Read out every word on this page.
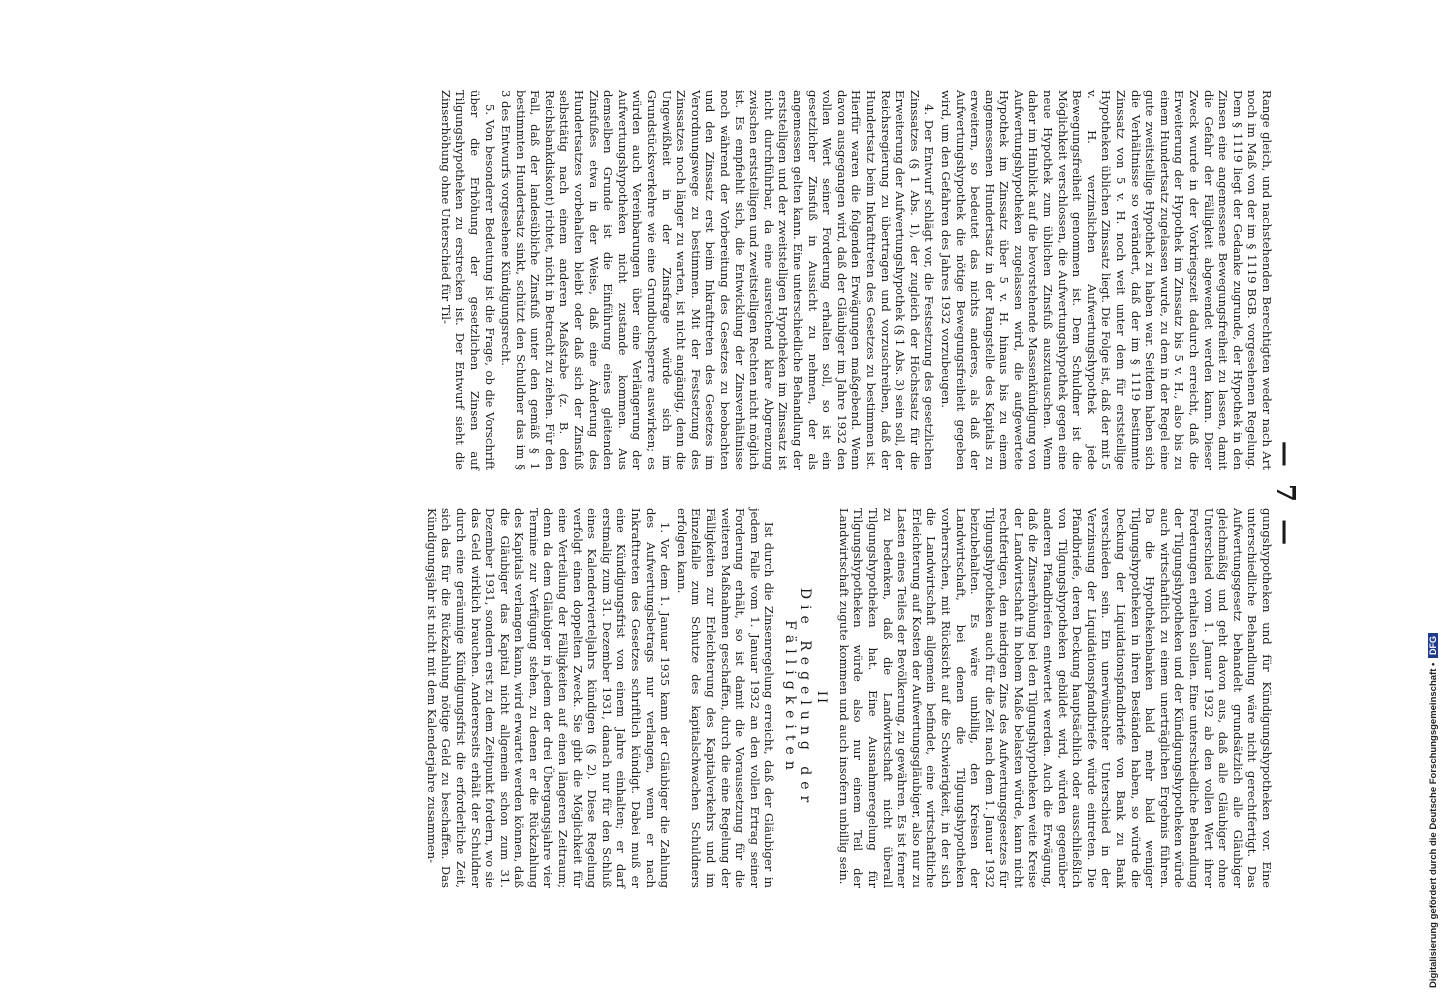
— 7 —

Range gleich, und nachstehenden Berechtigten weder nach Art noch im Maß von der im § 1119 BGB. vorgesehenen Regelung. Dem § 1119 liegt der Gedanke zugrunde, der Hypothek in den Zinsen eine angemessene Bewegungsfreiheit zu lassen, damit die Gefahr der Fälligkeit abgewendet werden kann. Dieser Zweck wurde in der Vorkriegszeit dadurch erreicht, daß die Erweiterung der Hypothek im Zinssatz bis 5 v. H., also bis zu einem Hundertsatz zugelassen wurde, zu dem in der Regel eine gute zweitstellige Hypothek zu haben war. Seitdem haben sich die Verhältnisse so verändert, daß der im § 1119 bestimmte Zinssatz von 5 v. H. noch weit unter dem für erststellige Hypotheken üblichen Zinssatz liegt. Die Folge ist, daß der mit 5 v. H. verzinslichen Aufwertungshypothek jede Bewegungsfreiheit genommen ist. Dem Schuldner ist die Möglichkeit verschlossen, die Aufwertungshypothek gegen eine neue Hypothek zum üblichen Zinsfuß auszutauschen. Wenn daher im Hinblick auf die bevorstehende Massenkündigung von Aufwertungshypotheken zugelassen wird, die aufgewertete Hypothek im Zinssatz über 5 v. H. hinaus bis zu einem angemessenen Hundertsatz in der Rangstelle des Kapitals zu erweitern, so bedeutet das nichts anderes, als daß der Aufwertungshypothek die nötige Bewegungsfreiheit gegeben wird, um den Gefahren des Jahres 1932 vorzubeugen.

4. Der Entwurf schlägt vor, die Festsetzung des gesetzlichen Zinssatzes (§ 1 Abs. 1), der zugleich der Höchstsatz für die Erweiterung der Aufwertungshypothek (§ 1 Abs. 3) sein soll, der Reichsregierung zu übertragen und vorzuschreiben, daß der Hundertsatz beim Inkrafttreten des Gesetzes zu bestimmen ist. Hierfür waren die folgenden Erwägungen maßgebend. Wenn davon ausgegangen wird, daß der Gläubiger im Jahre 1932 den vollen Wert seiner Forderung erhalten soll, so ist ein gesetzlicher Zinsfuß in Aussicht zu nehmen, der als angemessen gelten kann. Eine unterschiedliche Behandlung der erststelligen und der zweitstelligen Hypotheken im Zinssatz ist nicht durchführbar, da eine ausreichend klare Abgrenzung zwischen erststelligen und zweitstelligen Rechten nicht möglich ist. Es empfiehlt sich, die Entwicklung der Zinsverhältnisse noch während der Vorbereitung des Gesetzes zu beobachten und den Zinssatz erst beim Inkrafttreten des Gesetzes im Verordnungswege zu bestimmen. Mit der Festsetzung des Zinssatzes noch länger zu warten, ist nicht angängig, denn die Ungewißheit in der Zinsfrage würde sich im Grundstücksverkehre wie eine Grundbuchsperre auswirken; es würden auch Vereinbarungen über eine Verlängerung der Aufwertungshypotheken nicht zustande kommen. Aus demselben Grunde ist die Einführung eines gleitenden Zinsfußes etwa in der Weise, daß eine Änderung des Hundertsatzes vorbehalten bleibt oder daß sich der Zinsfuß selbsttätig nach einem anderen Maßstabe (z. B. den Reichsbankdiskont) richtet, nicht in Betracht zu ziehen. Für den Fall, daß der landesübliche Zinsfuß unter den gemäß § 1 bestimmten Hundertsatz sinkt, schützt den Schuldner das im § 3 des Entwurfs vorgesehene Kündigungsrecht.

5. Von besonderer Bedeutung ist die Frage, ob die Vorschrift über die Erhöhung der gesetzlichen Zinsen auf Tilgungshypotheken zu erstrecken ist. Der Entwurf sieht die Zinserhöhung ohne Unterschied für Til-

gungshypotheken und für Kündigungshypotheken vor. Eine unterschiedliche Behandlung wäre nicht gerechtfertigt. Das Aufwertungsgesetz behandelt grundsätzlich alle Gläubiger gleichmäßig und geht davon aus, daß alle Gläubiger ohne Unterschied vom 1. Januar 1932 ab den vollen Wert ihrer Forderungen erhalten sollen. Eine unterschiedliche Behandlung der Tilgungshypotheken und der Kündigungshypotheken würde auch wirtschaftlich zu einem unerträglichen Ergebnis führen. Da die Hypothekenbanken bald mehr bald weniger Tilgungshypotheken in ihren Beständen haben, so würde die Deckung der Liquidationspfandbriefe von Bank zu Bank verschieden sein. Ein unerwünschter Unterschied in der Verzinsung der Liquidationspfandbriefe würde eintreten. Die Pfandbriefe, deren Deckung hauptsächlich oder ausschließlich von Tilgungshypotheken gebildet wird, würden gegenüber anderen Pfandbriefen entwertet werden. Auch die Erwägung, daß die Zinserhöhung bei den Tilgungshypotheken weite Kreise der Landwirtschaft in hohem Maße belasten würde, kann nicht rechtfertigen, den niedrigen Zins des Aufwertungsgesetzes für Tilgungshypotheken auch für die Zeit nach dem 1. Januar 1932 beizubehalten. Es wäre unbillig, den Kreisen der Landwirtschaft, bei denen die Tilgungshypotheken vorherrschen, mit Rücksicht auf die Schwierigkeit, in der sich die Landwirtschaft allgemein befindet, eine wirtschaftliche Erleichterung auf Kosten der Aufwertungsgläubiger, also nur zu Lasten eines Teiles der Bevölkerung, zu gewähren. Es ist ferner zu bedenken, daß die Landwirtschaft nicht überall Tilgungshypotheken hat. Eine Ausnahmeregelung für Tilgungshypotheken würde also nur einem Teil der Landwirtschaft zugute kommen und auch insofern unbillig sein.

II
Die Regelung der Fälligkeiten

Ist durch die Zinsenregelung erreicht, daß der Gläubiger in jedem Falle vom 1. Januar 1932 an den vollen Ertrag seiner Forderung erhält, so ist damit die Voraussetzung für die weiteren Maßnahmen geschaffen, durch die eine Regelung der Fälligkeiten zur Erleichterung des Kapitalverkehrs und im Einzelfalle zum Schutze des kapitalschwachen Schuldners erfolgen kann.

1. Vor dem 1. Januar 1935 kann der Gläubiger die Zahlung des Aufwertungsbetrags nur verlangen, wenn er nach Inkrafttreten des Gesetzes schriftlich kündigt. Dabei muß er eine Kündigungsfrist von einem Jahre einhalten; er darf erstmalig zum 31. Dezember 1931, danach nur für den Schluß eines Kalendervierteljahrs kündigen (§ 2). Diese Regelung verfolgt einen doppelten Zweck. Sie gibt die Möglichkeit für eine Verteilung der Fälligkeiten auf einen längeren Zeitraum; denn da dem Gläubiger in jedem der drei Übergangsjahre vier Termine zur Verfügung stehen, zu denen er die Rückzahlung des Kapitals verlangen kann, wird erwartet werden können, daß die Gläubiger das Kapital nicht allgemein schon zum 31. Dezember 1931, sondern erst zu dem Zeitpunkt fordern, wo sie das Geld wirklich brauchen. Andererseits erhält der Schuldner durch eine geräumige Kündigungsfrist die erforderliche Zeit, sich das für die Rückzahlung nötige Geld zu beschaffen. Das Kündigungsjahr ist nicht mit dem Kalenderjahre zusammen-	Digitalisierung gefördert durch die Deutsche Forschungsgemeinschaft • DFG
